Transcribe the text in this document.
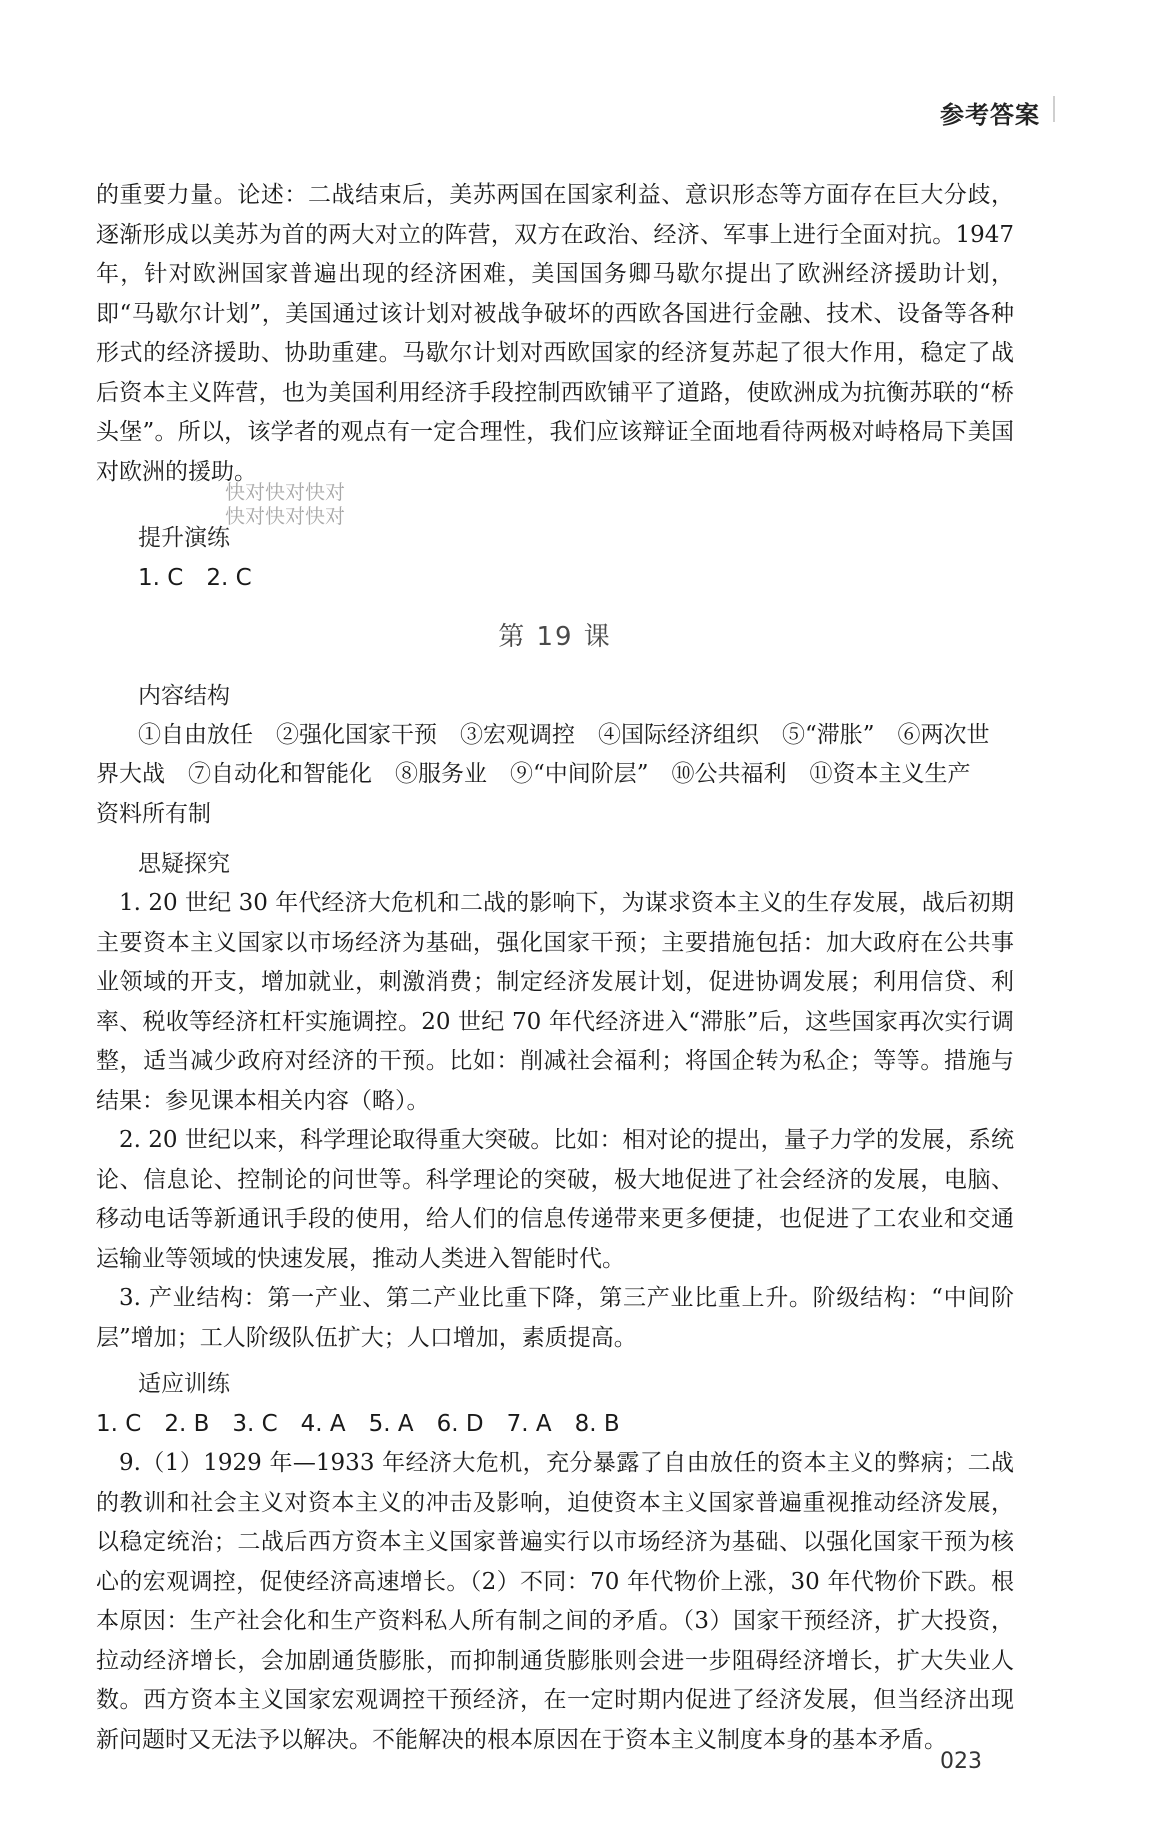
参考答案

的重要力量。论述：二战结束后，美苏两国在国家利益、意识形态等方面存在巨大分歧，逐渐形成以美苏为首的两大对立的阵营，双方在政治、经济、军事上进行全面对抗。1947年，针对欧洲国家普遍出现的经济困难，美国国务卿马歇尔提出了欧洲经济援助计划，即“马歇尔计划”，美国通过该计划对被战争破坏的西欧各国进行金融、技术、设备等各种形式的经济援助、协助重建。马歇尔计划对西欧国家的经济复苏起了很大作用，稳定了战后资本主义阵营，也为美国利用经济手段控制西欧铺平了道路，使欧洲成为抗衡苏联的“桥头堡”。所以，该学者的观点有一定合理性，我们应该辩证全面地看待两极对峙格局下美国对欧洲的援助。

提升演练

1. C　2. C

第 19 课

内容结构

①自由放任　②强化国家干预　③宏观调控　④国际经济组织　⑤“滞胀”　⑥两次世
界大战　⑦自动化和智能化　⑧服务业　⑨“中间阶层”　⑩公共福利　⑪资本主义生产
资料所有制

思疑探究

1. 20 世纪 30 年代经济大危机和二战的影响下，为谋求资本主义的生存发展，战后初期主要资本主义国家以市场经济为基础，强化国家干预；主要措施包括：加大政府在公共事业领域的开支，增加就业，刺激消费；制定经济发展计划，促进协调发展；利用信贷、利率、税收等经济杠杆实施调控。20 世纪 70 年代经济进入“滞胀”后，这些国家再次实行调整，适当减少政府对经济的干预。比如：削减社会福利；将国企转为私企；等等。措施与结果：参见课本相关内容（略）。

2. 20 世纪以来，科学理论取得重大突破。比如：相对论的提出，量子力学的发展，系统论、信息论、控制论的问世等。科学理论的突破，极大地促进了社会经济的发展，电脑、移动电话等新通讯手段的使用，给人们的信息传递带来更多便捷，也促进了工农业和交通运输业等领域的快速发展，推动人类进入智能时代。

3. 产业结构：第一产业、第二产业比重下降，第三产业比重上升。阶级结构：“中间阶层”增加；工人阶级队伍扩大；人口增加，素质提高。

适应训练

1. C　2. B　3. C　4. A　5. A　6. D　7. A　8. B

9.（1）1929 年—1933 年经济大危机，充分暴露了自由放任的资本主义的弊病；二战的教训和社会主义对资本主义的冲击及影响，迫使资本主义国家普遍重视推动经济发展，以稳定统治；二战后西方资本主义国家普遍实行以市场经济为基础、以强化国家干预为核心的宏观调控，促使经济高速增长。（2）不同：70 年代物价上涨，30 年代物价下跌。根本原因：生产社会化和生产资料私人所有制之间的矛盾。（3）国家干预经济，扩大投资，拉动经济增长，会加剧通货膨胀，而抑制通货膨胀则会进一步阻碍经济增长，扩大失业人数。西方资本主义国家宏观调控干预经济，在一定时期内促进了经济发展，但当经济出现新问题时又无法予以解决。不能解决的根本原因在于资本主义制度本身的基本矛盾。

快对快对快对
快对快对快对
023
